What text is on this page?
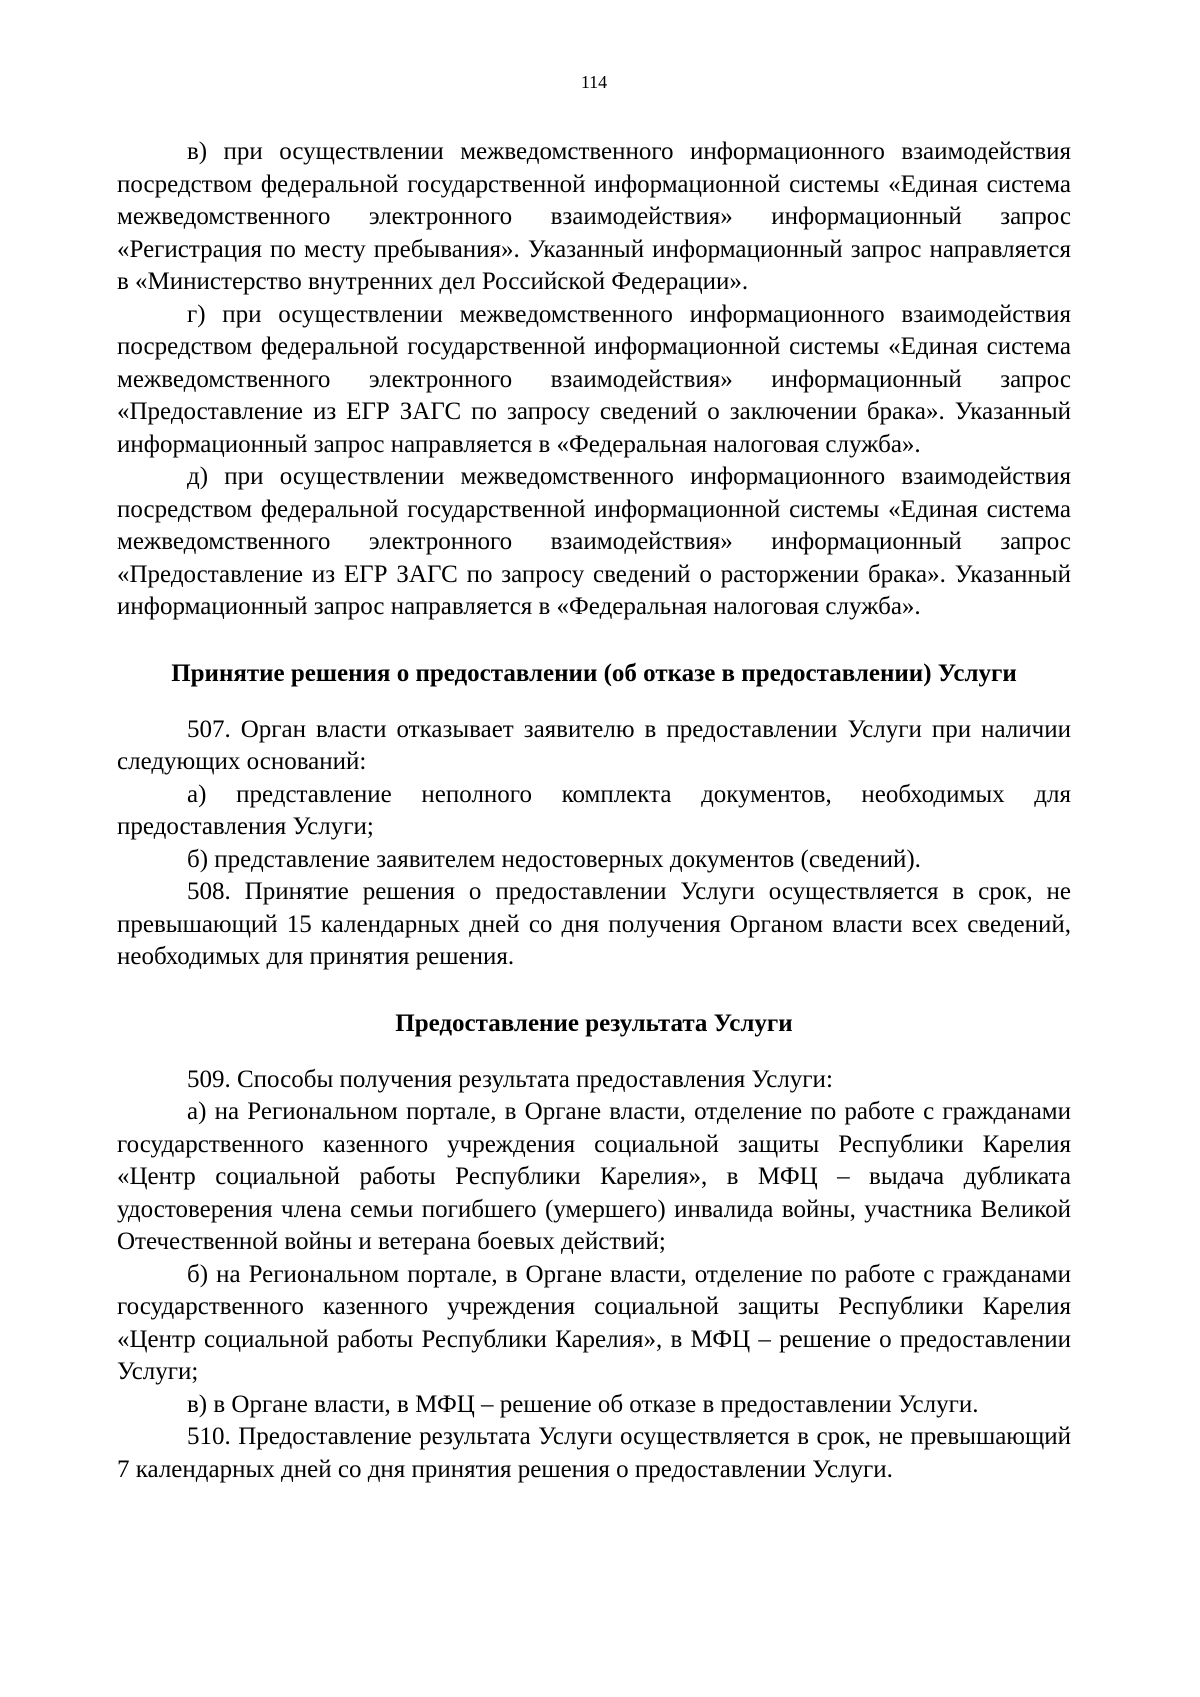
114

в) при осуществлении межведомственного информационного взаимодействия посредством федеральной государственной информационной системы «Единая система межведомственного электронного взаимодействия» информационный запрос «Регистрация по месту пребывания». Указанный информационный запрос направляется в «Министерство внутренних дел Российской Федерации».

г) при осуществлении межведомственного информационного взаимодействия посредством федеральной государственной информационной системы «Единая система межведомственного электронного взаимодействия» информационный запрос «Предоставление из ЕГР ЗАГС по запросу сведений о заключении брака». Указанный информационный запрос направляется в «Федеральная налоговая служба».

д) при осуществлении межведомственного информационного взаимодействия посредством федеральной государственной информационной системы «Единая система межведомственного электронного взаимодействия» информационный запрос «Предоставление из ЕГР ЗАГС по запросу сведений о расторжении брака». Указанный информационный запрос направляется в «Федеральная налоговая служба».

Принятие решения о предоставлении (об отказе в предоставлении) Услуги

507. Орган власти отказывает заявителю в предоставлении Услуги при наличии следующих оснований:

а) представление неполного комплекта документов, необходимых для предоставления Услуги;

б) представление заявителем недостоверных документов (сведений).

508. Принятие решения о предоставлении Услуги осуществляется в срок, не превышающий 15 календарных дней со дня получения Органом власти всех сведений, необходимых для принятия решения.

Предоставление результата Услуги

509. Способы получения результата предоставления Услуги:

а) на Региональном портале, в Органе власти, отделение по работе с гражданами государственного казенного учреждения социальной защиты Республики Карелия «Центр социальной работы Республики Карелия», в МФЦ – выдача дубликата удостоверения члена семьи погибшего (умершего) инвалида войны, участника Великой Отечественной войны и ветерана боевых действий;

б) на Региональном портале, в Органе власти, отделение по работе с гражданами государственного казенного учреждения социальной защиты Республики Карелия «Центр социальной работы Республики Карелия», в МФЦ – решение о предоставлении Услуги;

в) в Органе власти, в МФЦ – решение об отказе в предоставлении Услуги.

510. Предоставление результата Услуги осуществляется в срок, не превышающий 7 календарных дней со дня принятия решения о предоставлении Услуги.
